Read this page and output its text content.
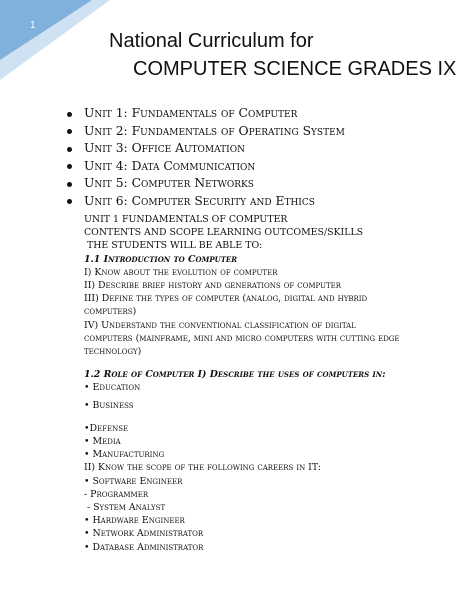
1
National Curriculum for
COMPUTER SCIENCE GRADES IX
Unit 1: Fundamentals of Computer
Unit 2: Fundamentals of Operating System
Unit 3: Office Automation
Unit 4: Data Communication
Unit 5: Computer Networks
Unit 6: Computer Security and Ethics
UNIT 1 FUNDAMENTALS OF COMPUTER
CONTENTS AND SCOPE LEARNING OUTCOMES/SKILLS
THE STUDENTS WILL BE ABLE TO:
1.1 Introduction to Computer
I) Know about the evolution of computer
II) Describe brief history and generations of computer
III) Define the types of computer (analog, digital and hybrid
computers)
IV) Understand the conventional classification of digital
computers (mainframe, mini and micro computers with cutting edge
technology)
1.2 Role of Computer I) Describe the uses of computers in:
• Education
• Business
•Defense
• Media
• Manufacturing
II) Know the scope of the following careers in IT:
• Software Engineer
- Programmer
- System Analyst
• Hardware Engineer
• Network Administrator
• Database Administrator
